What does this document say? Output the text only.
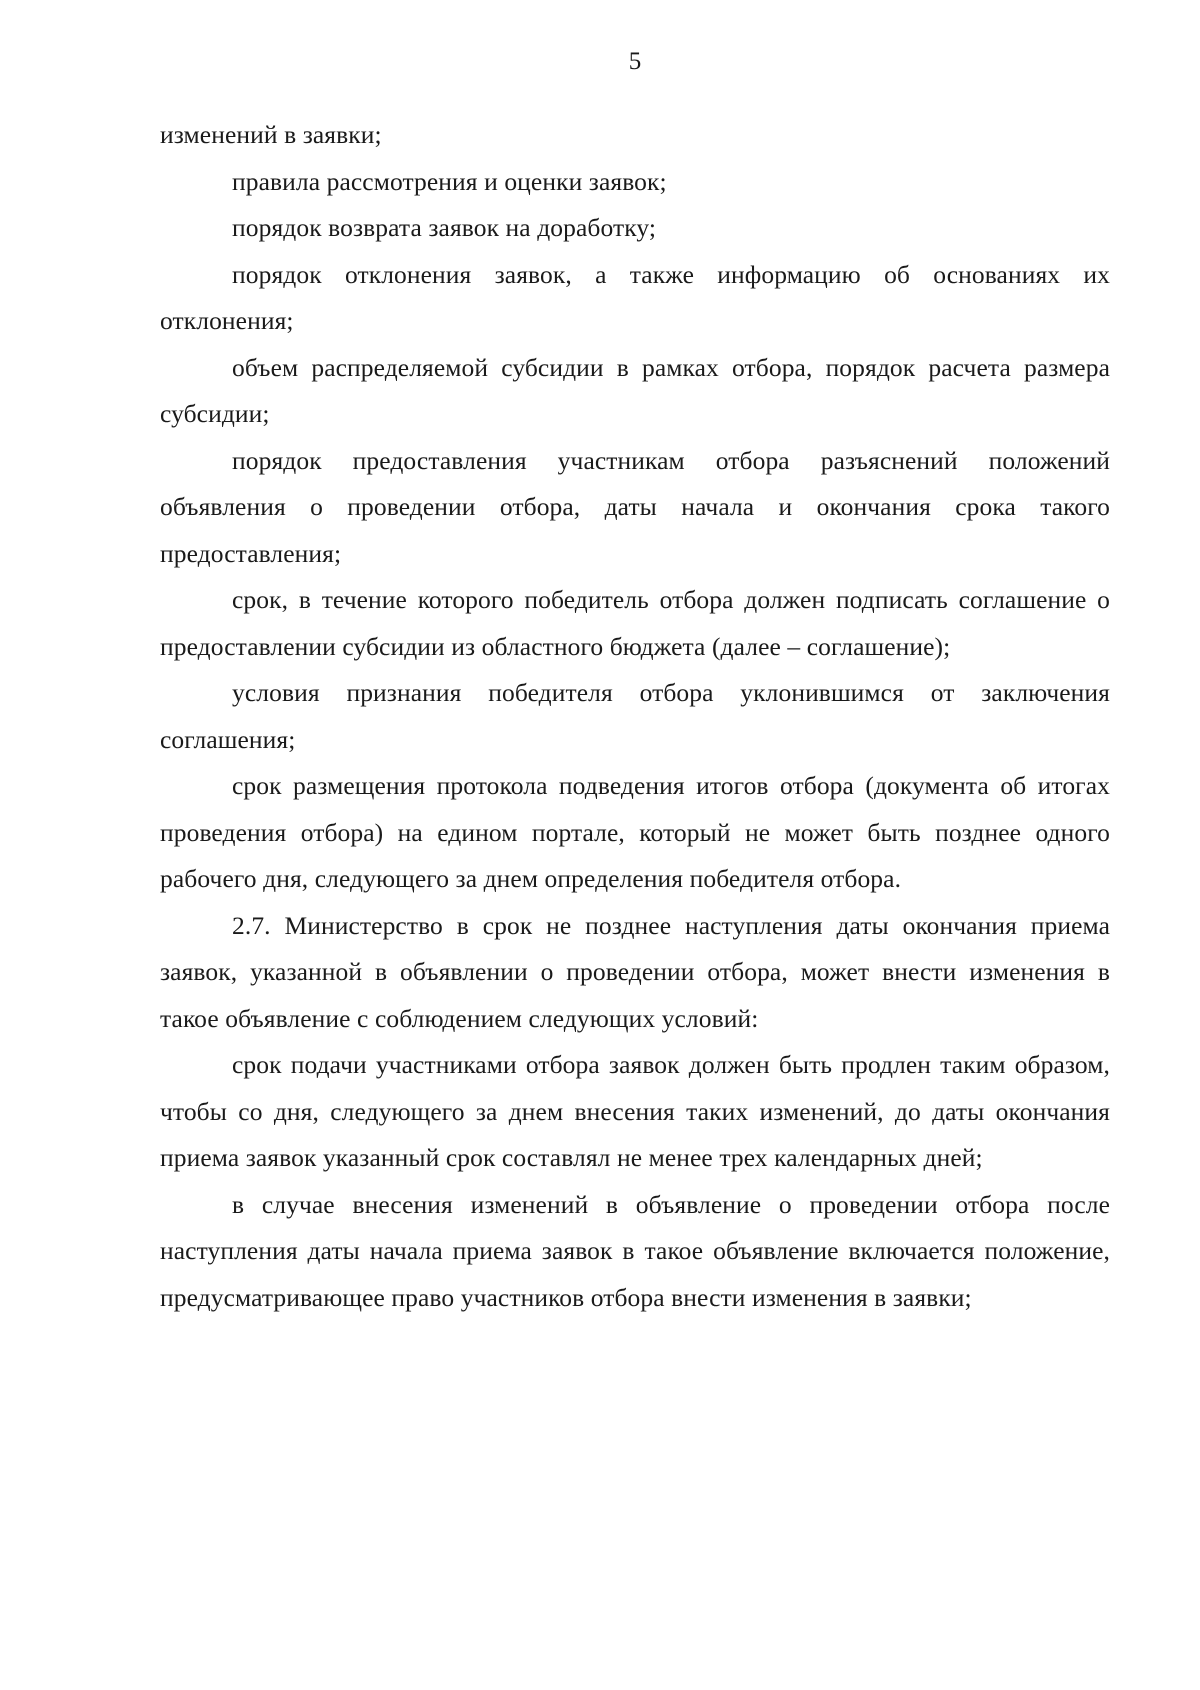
5

изменений в заявки;

правила рассмотрения и оценки заявок;

порядок возврата заявок на доработку;

порядок отклонения заявок, а также информацию об основаниях их отклонения;

объем распределяемой субсидии в рамках отбора, порядок расчета размера субсидии;

порядок предоставления участникам отбора разъяснений положений объявления о проведении отбора, даты начала и окончания срока такого предоставления;

срок, в течение которого победитель отбора должен подписать соглашение о предоставлении субсидии из областного бюджета (далее – соглашение);

условия признания победителя отбора уклонившимся от заключения соглашения;

срок размещения протокола подведения итогов отбора (документа об итогах проведения отбора) на едином портале, который не может быть позднее одного рабочего дня, следующего за днем определения победителя отбора.

2.7. Министерство в срок не позднее наступления даты окончания приема заявок, указанной в объявлении о проведении отбора, может внести изменения в такое объявление с соблюдением следующих условий:

срок подачи участниками отбора заявок должен быть продлен таким образом, чтобы со дня, следующего за днем внесения таких изменений, до даты окончания приема заявок указанный срок составлял не менее трех календарных дней;

в случае внесения изменений в объявление о проведении отбора после наступления даты начала приема заявок в такое объявление включается положение, предусматривающее право участников отбора внести изменения в заявки;
